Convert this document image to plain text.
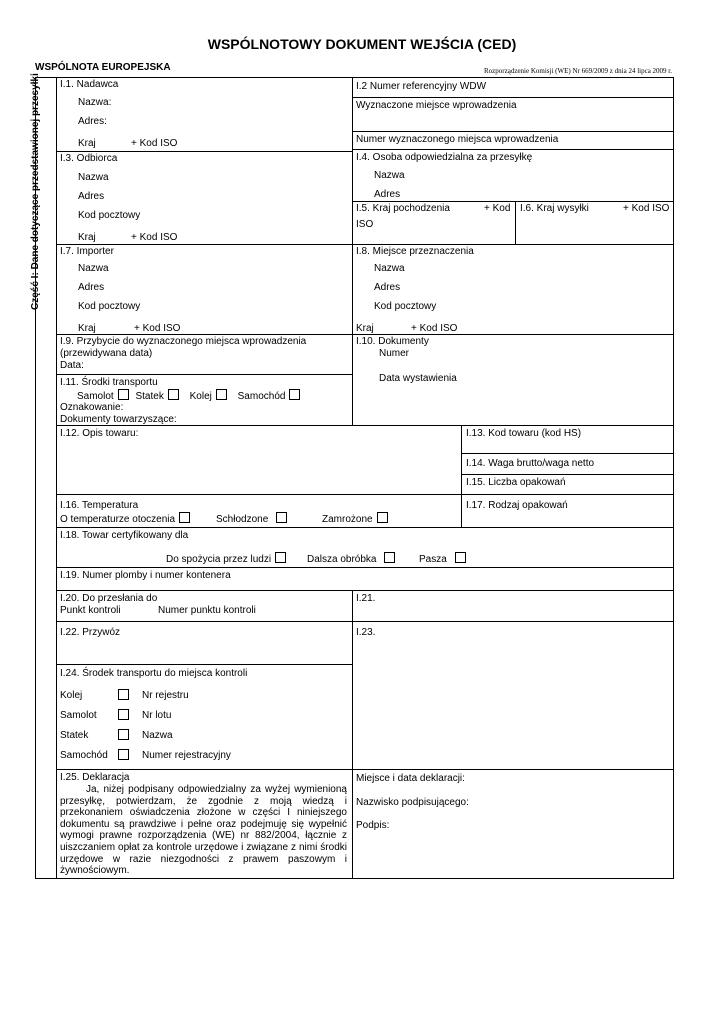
WSPÓLNOTOWY DOKUMENT WEJŚCIA (CED)
WSPÓLNOTA EUROPEJSKA	Rozporządzenie Komisji (WE) Nr 669/2009 z dnia 24 lipca 2009 r.
Część I: Dane dotyczące przedstawionej przesyłki	I.1. Nadawca
Nazwa:
Adres:
Kraj	+ Kod ISO
I.2 Numer referencyjny WDW
Wyznaczone miejsce wprowadzenia
Numer wyznaczonego miejsca wprowadzenia
I.3. Odbiorca
Nazwa
Adres
Kod pocztowy
Kraj	+ Kod ISO
I.4. Osoba odpowiedzialna za przesyłkę
Nazwa
Adres
I.5. Kraj pochodzenia	+ Kod
ISO
I.6. Kraj wysyłki	+ Kod ISO
I.7. Importer
Nazwa
Adres
Kod pocztowy
Kraj	+ Kod ISO
I.8. Miejsce przeznaczenia
Nazwa
Adres
Kod pocztowy
Kraj	+ Kod ISO
I.9. Przybycie do wyznaczonego miejsca wprowadzenia
(przewidywana data)
Data:
I.10. Dokumenty
Numer
Data wystawienia
I.11. Środki transportu
Samolot Statek	Kolej	Samochód
Oznakowanie:
Dokumenty towarzyszące:
I.12. Opis towaru:	I.13. Kod towaru (kod HS)
I.14. Waga brutto/waga netto
I.15. Liczba opakowań
I.16. Temperatura
O temperaturze otoczenia	Schłodzone	Zamrożone
I.17. Rodzaj opakowań
I.18. Towar certyfikowany dla
Do spożycia przez ludzi	Dalsza obróbka	Pasza
I.19. Numer plomby i numer kontenera
I.20. Do przesłania do
Punkt kontroli	Numer punktu kontroli
I.21.
I.22. Przywóz	I.23.
I.24. Środek transportu do miejsca kontroli
Kolej	Nr rejestru
Samolot	Nr lotu
Statek	Nazwa
Samochód	Numer rejestracyjny
I.25. Deklaracja

Ja, niżej podpisany odpowiedzialny za wyżej wymienioną przesyłkę, potwierdzam, że zgodnie z moją wiedzą i przekonaniem oświadczenia złożone w części I niniejszego dokumentu są prawdziwe i pełne oraz podejmuję się wypełnić wymogi prawne rozporządzenia (WE) nr 882/2004, łącznie z uiszczaniem opłat za kontrole urzędowe i związane z nimi środki urzędowe w razie niezgodności z prawem paszowym i żywnościowym.

Miejsce i data deklaracji:
Nazwisko podpisującego:
Podpis:
